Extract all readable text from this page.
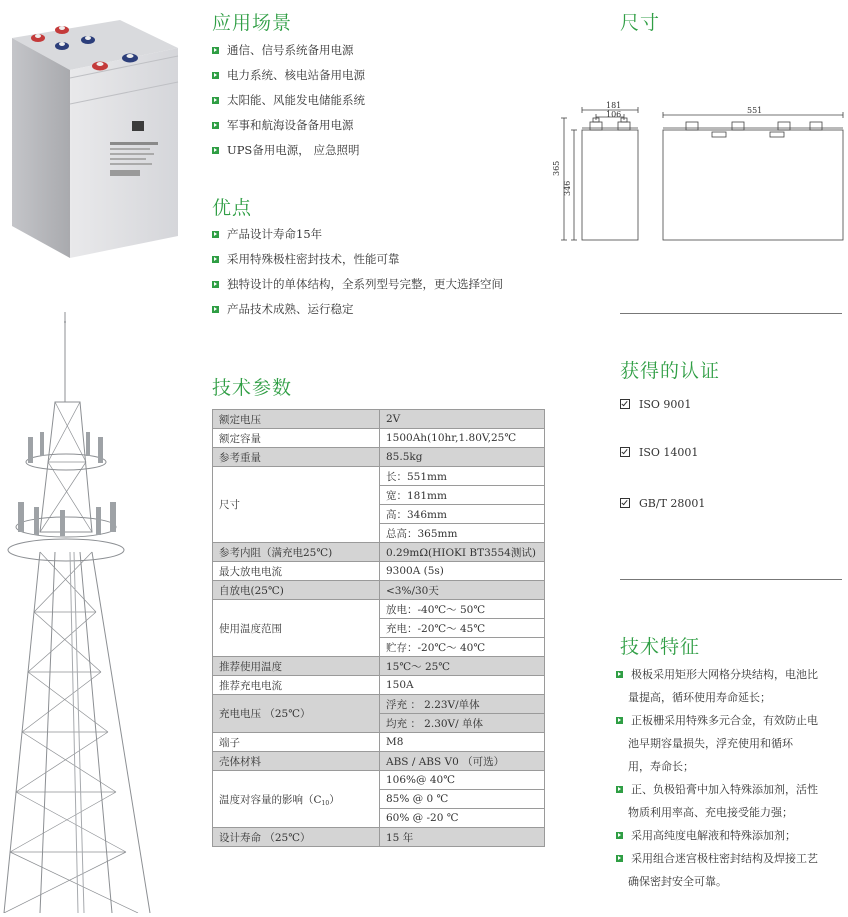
应用场景
通信、信号系统备用电源
电力系统、核电站备用电源
太阳能、风能发电储能系统
军事和航海设备备用电源
UPS备用电源， 应急照明
优点
产品设计寿命15年
采用特殊极柱密封技术，性能可靠
独特设计的单体结构，全系列型号完整，更大选择空间
产品技术成熟、运行稳定
技术参数
额定电压	2V
额定容量	1500Ah(10hr,1.80V,25℃
参考重量	85.5kg
尺寸	长：551mm
	宽：181mm
	高：346mm
	总高：365mm
参考内阻（满充电25℃)	0.29mΩ(HIOKI BT3554测试)
最大放电电流	9300A (5s)
自放电(25℃)	<3%/30天
使用温度范围	放电：-40℃～ 50℃
	充电：-20℃～ 45℃
	贮存：-20℃～ 40℃
推荐使用温度	15℃～ 25℃
推荐充电电流	150A
充电电压 （25℃）	浮充 ： 2.23V/单体
	均充 ： 2.30V/ 单体
端子	M8
壳体材料	ABS / ABS V0 （可选）
温度对容量的影响$(C_{10})$	106%@ 40℃
	85% @ 0 ℃
	60% @ -20 ℃
设计寿命 （25℃）	15 年
尺寸
181
106	551
365
346
获得的认证
ISO 9001
ISO 14001
GB/T 28001
技术特征
极板采用矩形大网格分块结构，电池比
量提高，循环使用寿命延长；
正板栅采用特殊多元合金，有效防止电
池早期容量损失，浮充使用和循环
用，寿命长；
正、负极铅膏中加入特殊添加剂，活性
物质利用率高、充电接受能力强；
采用高纯度电解液和特殊添加剂；
采用组合迷宫极柱密封结构及焊接工艺
确保密封安全可靠。
